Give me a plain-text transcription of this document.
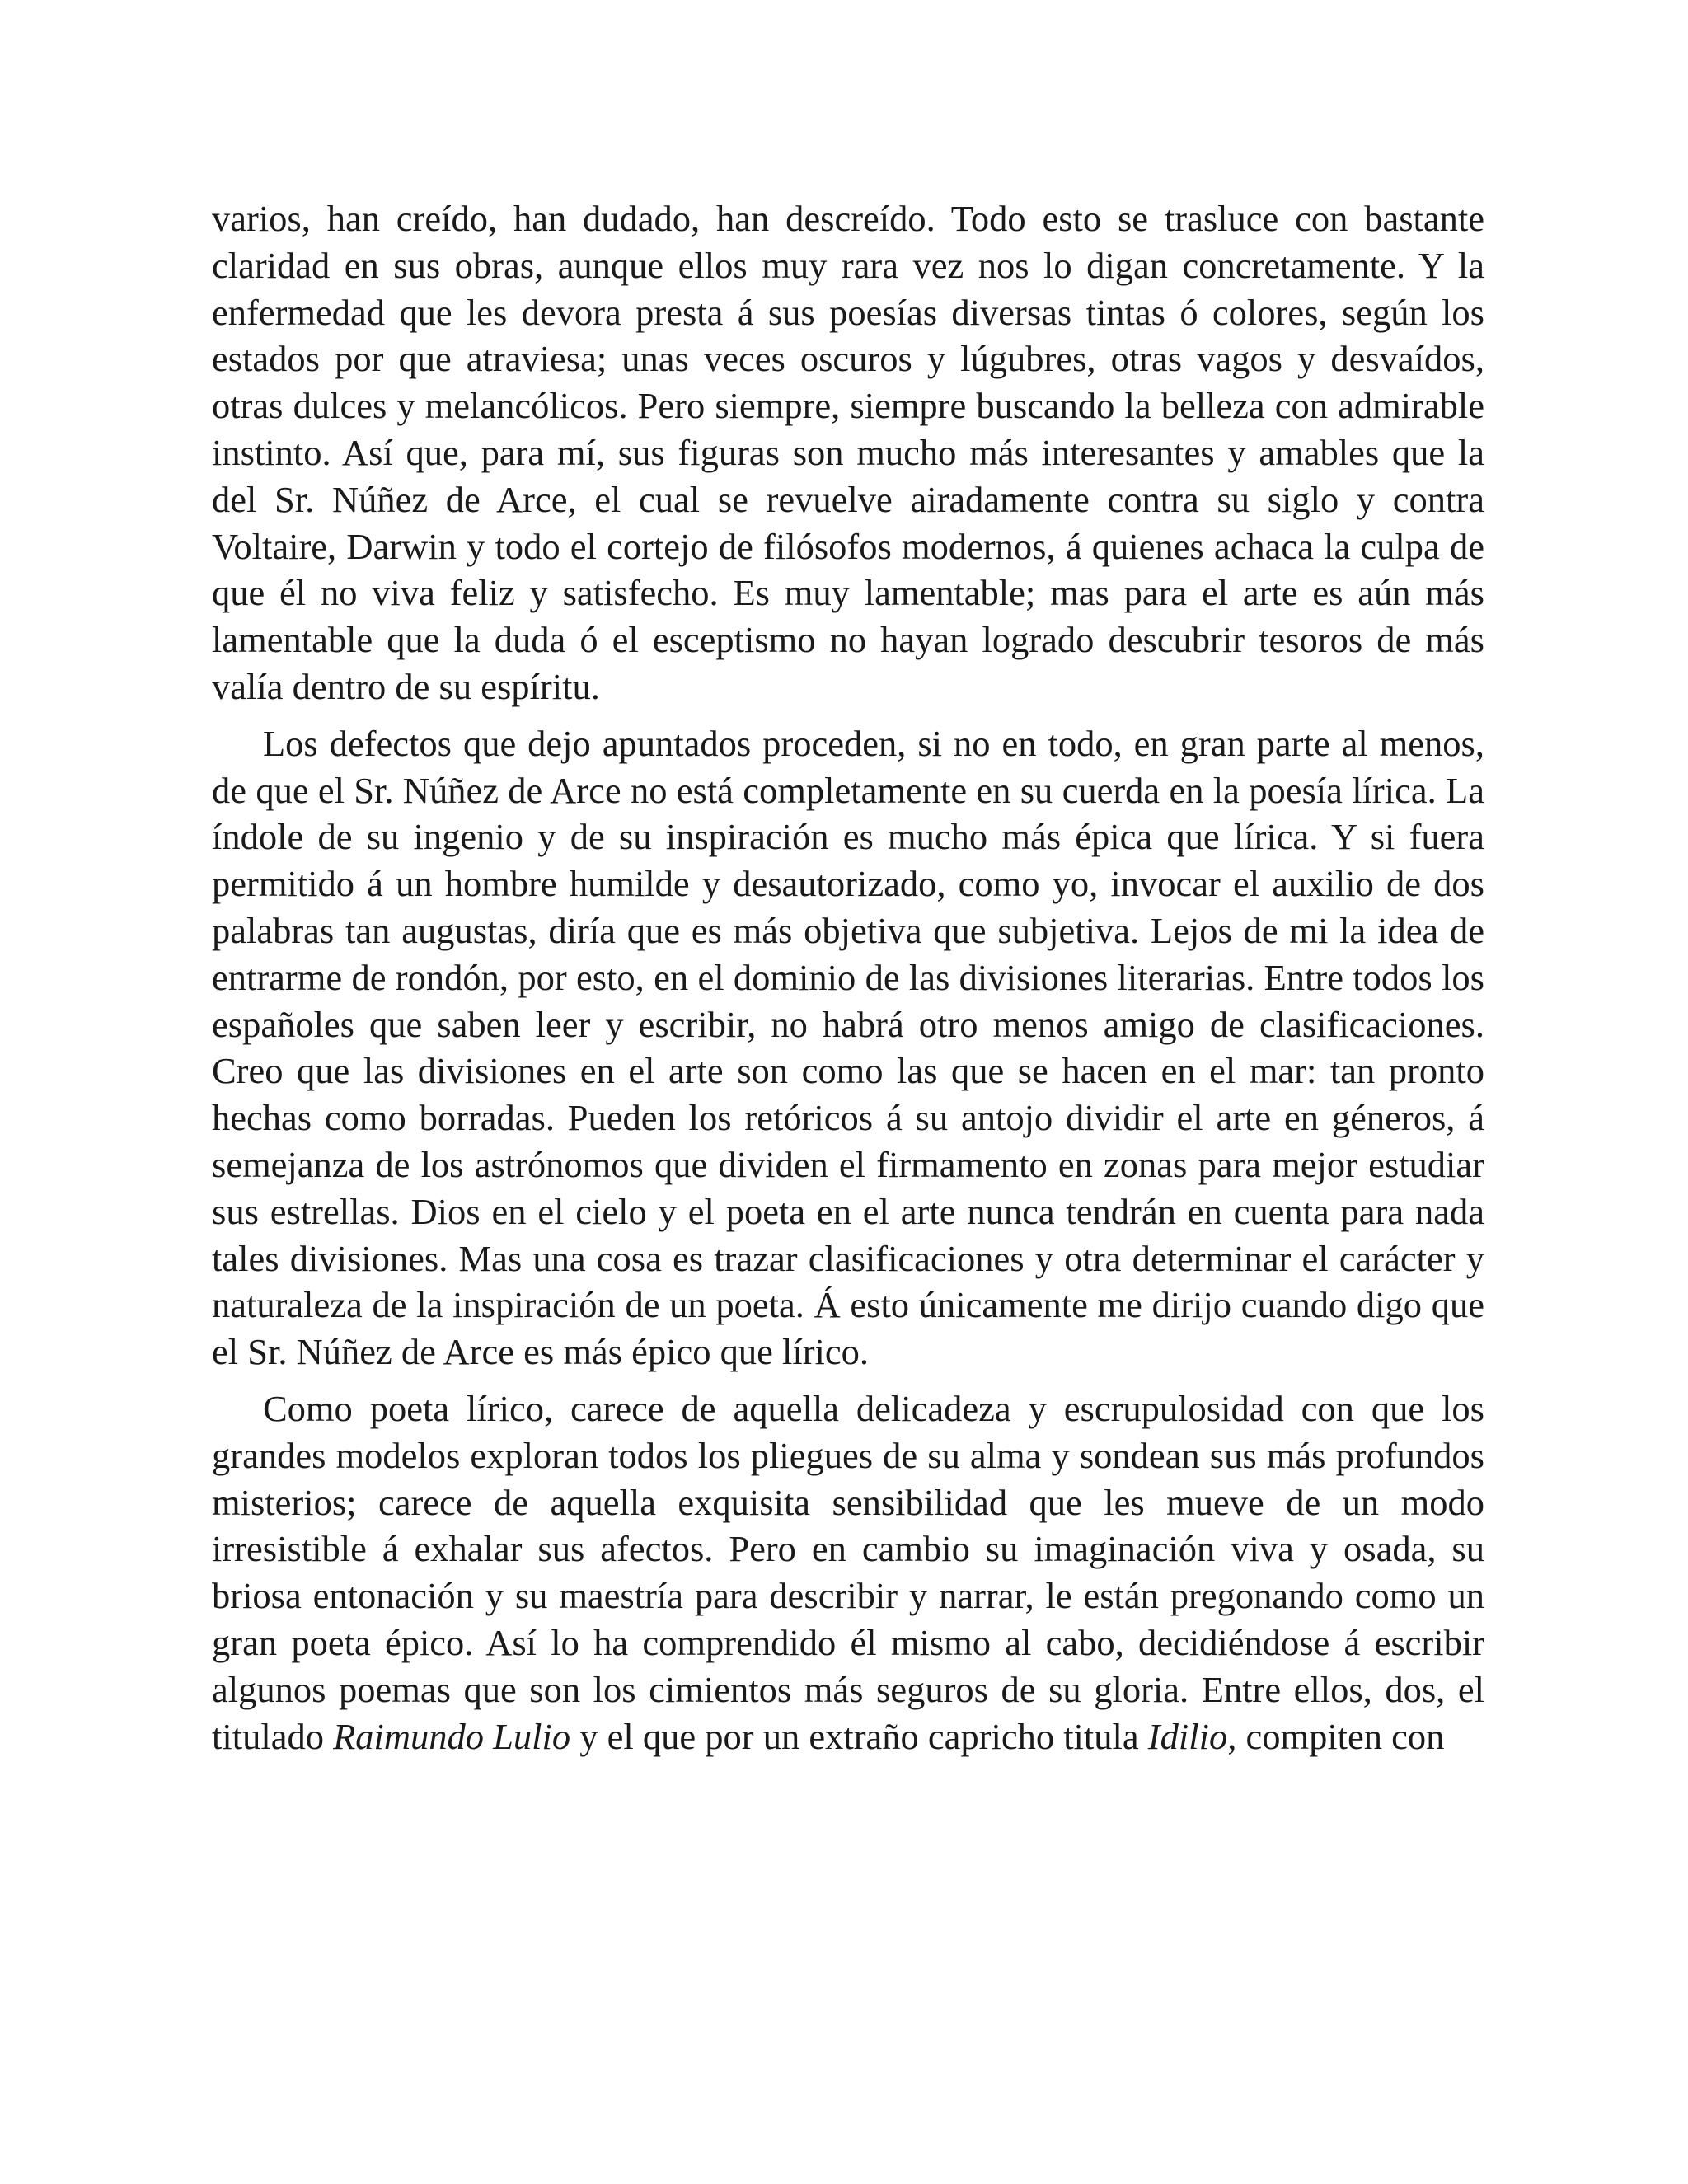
varios, han creído, han dudado, han descreído. Todo esto se trasluce con bastante claridad en sus obras, aunque ellos muy rara vez nos lo digan concretamente. Y la enfermedad que les devora presta á sus poesías diversas tintas ó colores, según los estados por que atraviesa; unas veces oscuros y lúgubres, otras vagos y desvaídos, otras dulces y melancólicos. Pero siempre, siempre buscando la belleza con admirable instinto. Así que, para mí, sus figuras son mucho más interesantes y amables que la del Sr. Núñez de Arce, el cual se revuelve airadamente contra su siglo y contra Voltaire, Darwin y todo el cortejo de filósofos modernos, á quienes achaca la culpa de que él no viva feliz y satisfecho. Es muy lamentable; mas para el arte es aún más lamentable que la duda ó el esceptismo no hayan logrado descubrir tesoros de más valía dentro de su espíritu.

Los defectos que dejo apuntados proceden, si no en todo, en gran parte al menos, de que el Sr. Núñez de Arce no está completamente en su cuerda en la poesía lírica. La índole de su ingenio y de su inspiración es mucho más épica que lírica. Y si fuera permitido á un hombre humilde y desautorizado, como yo, invocar el auxilio de dos palabras tan augustas, diría que es más objetiva que subjetiva. Lejos de mi la idea de entrarme de rondón, por esto, en el dominio de las divisiones literarias. Entre todos los españoles que saben leer y escribir, no habrá otro menos amigo de clasificaciones. Creo que las divisiones en el arte son como las que se hacen en el mar: tan pronto hechas como borradas. Pueden los retóricos á su antojo dividir el arte en géneros, á semejanza de los astrónomos que dividen el firmamento en zonas para mejor estudiar sus estrellas. Dios en el cielo y el poeta en el arte nunca tendrán en cuenta para nada tales divisiones. Mas una cosa es trazar clasificaciones y otra determinar el carácter y naturaleza de la inspiración de un poeta. Á esto únicamente me dirijo cuando digo que el Sr. Núñez de Arce es más épico que lírico.

Como poeta lírico, carece de aquella delicadeza y escrupulosidad con que los grandes modelos exploran todos los pliegues de su alma y sondean sus más profundos misterios; carece de aquella exquisita sensibilidad que les mueve de un modo irresistible á exhalar sus afectos. Pero en cambio su imaginación viva y osada, su briosa entonación y su maestría para describir y narrar, le están pregonando como un gran poeta épico. Así lo ha comprendido él mismo al cabo, decidiéndose á escribir algunos poemas que son los cimientos más seguros de su gloria. Entre ellos, dos, el titulado Raimundo Lulio y el que por un extraño capricho titula Idilio, compiten con
